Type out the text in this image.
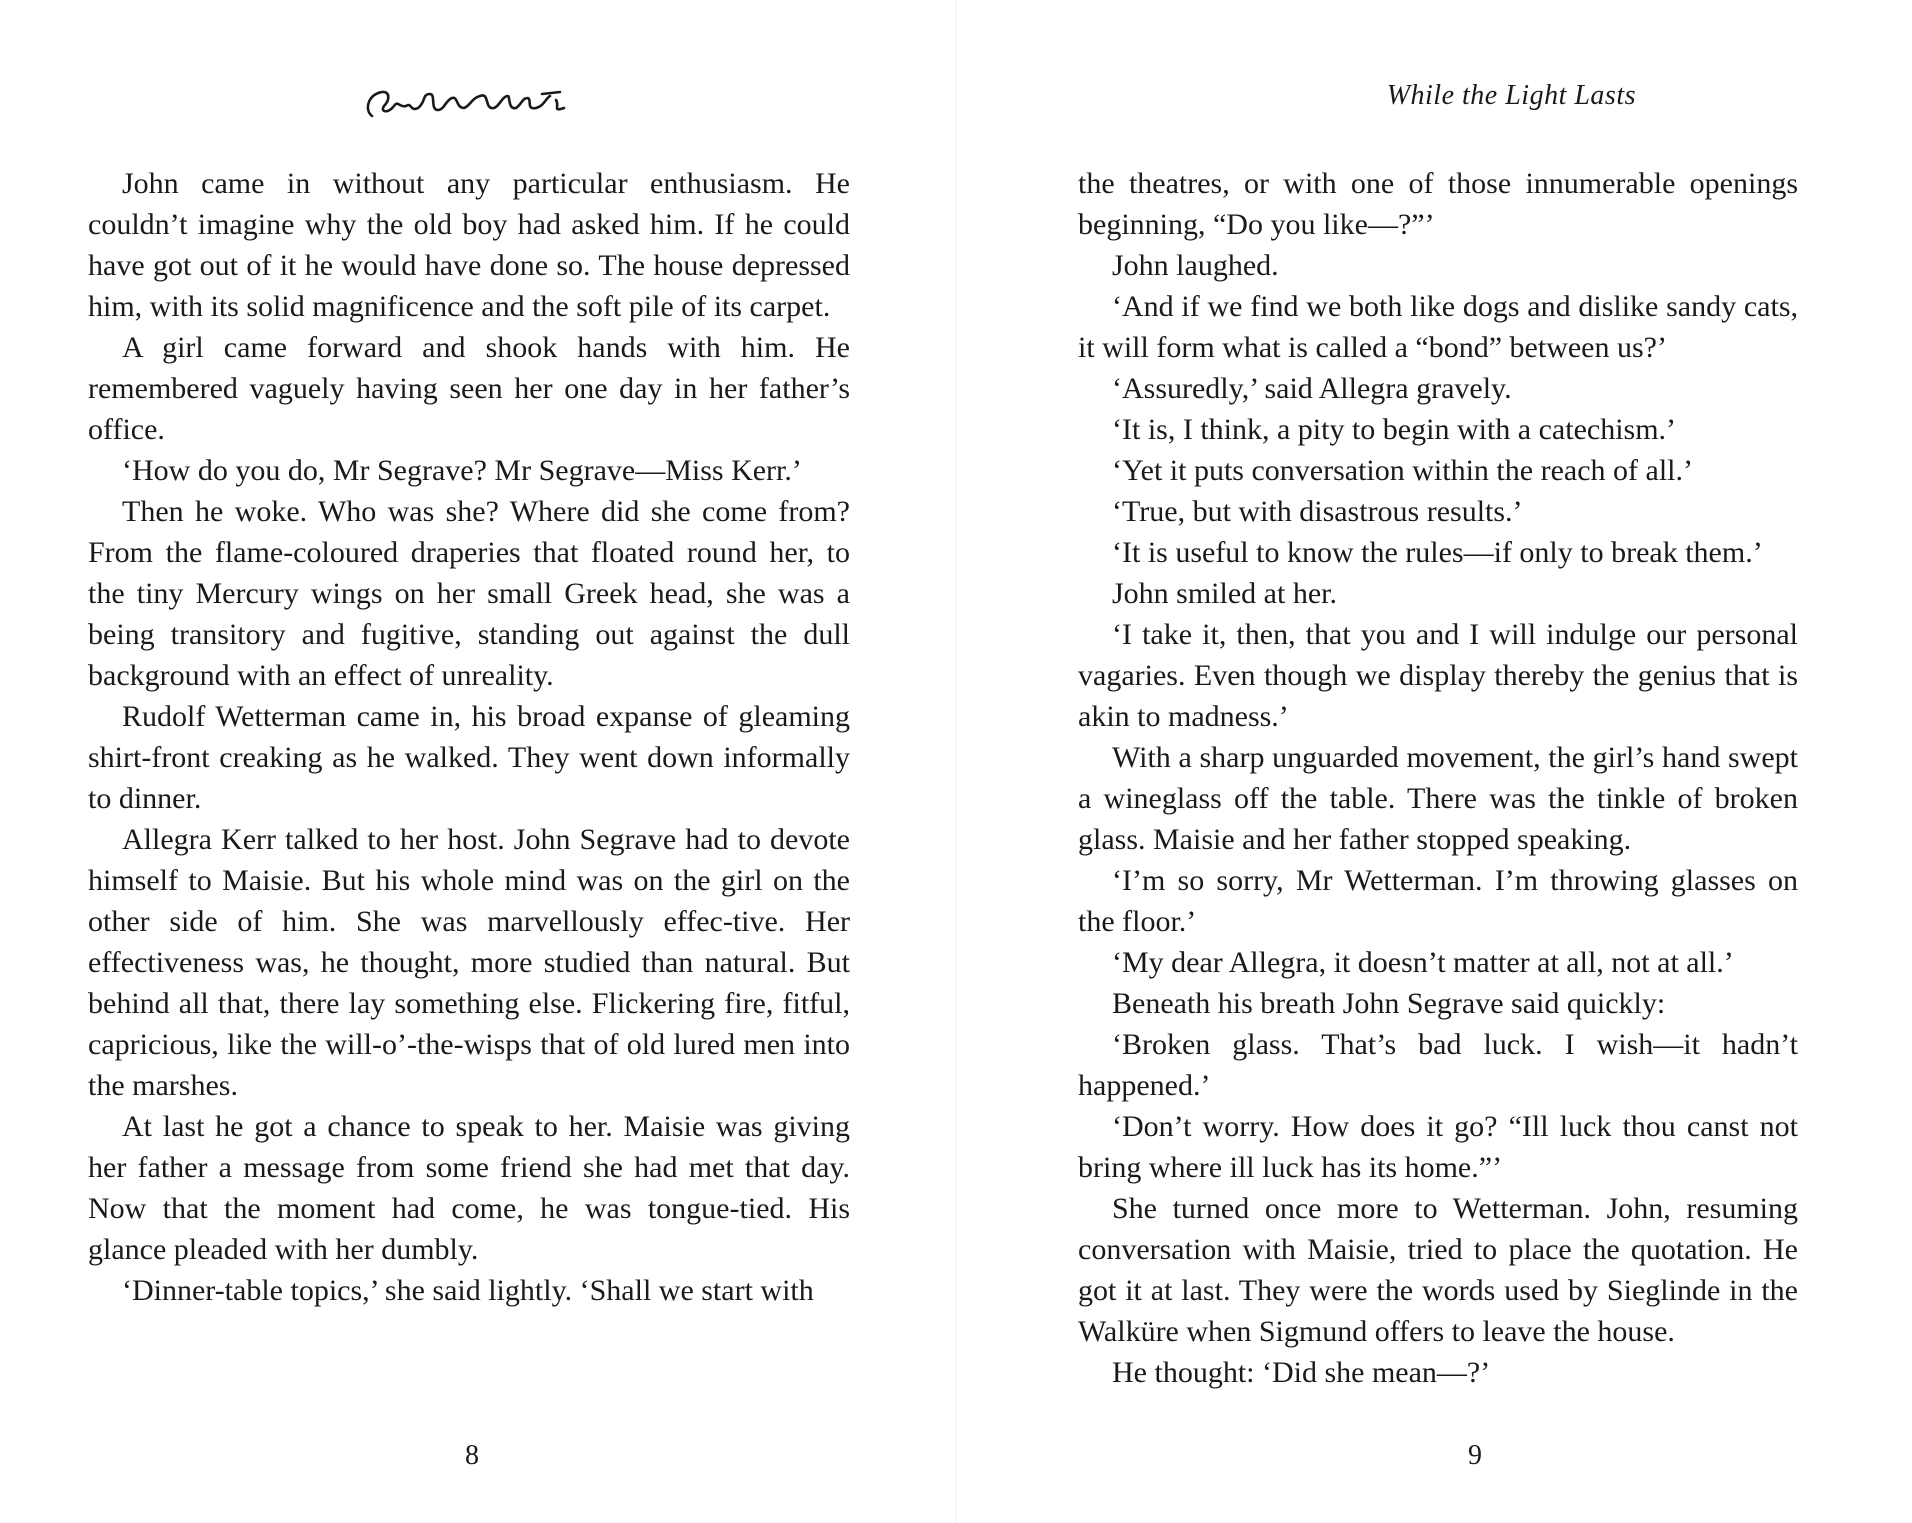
John came in without any particular enthusiasm. He couldn’t imagine why the old boy had asked him. If he could have got out of it he would have done so. The house depressed him, with its solid magnificence and the soft pile of its carpet.

A girl came forward and shook hands with him. He remembered vaguely having seen her one day in her father’s office.

‘How do you do, Mr Segrave? Mr Segrave—Miss Kerr.’

Then he woke. Who was she? Where did she come from? From the flame-coloured draperies that floated round her, to the tiny Mercury wings on her small Greek head, she was a being transitory and fugitive, standing out against the dull background with an effect of unreality.

Rudolf Wetterman came in, his broad expanse of gleaming shirt-front creaking as he walked. They went down informally to dinner.

Allegra Kerr talked to her host. John Segrave had to devote himself to Maisie. But his whole mind was on the girl on the other side of him. She was marvellously effec-tive. Her effectiveness was, he thought, more studied than natural. But behind all that, there lay something else. Flickering fire, fitful, capricious, like the will-o’-the-wisps that of old lured men into the marshes.

At last he got a chance to speak to her. Maisie was giving her father a message from some friend she had met that day. Now that the moment had come, he was tongue-tied. His glance pleaded with her dumbly.

‘Dinner-table topics,’ she said lightly. ‘Shall we start with

8

While the Light Lasts

the theatres, or with one of those innumerable openings beginning, “Do you like—?”’

John laughed.

‘And if we find we both like dogs and dislike sandy cats, it will form what is called a “bond” between us?’

‘Assuredly,’ said Allegra gravely.

‘It is, I think, a pity to begin with a catechism.’

‘Yet it puts conversation within the reach of all.’

‘True, but with disastrous results.’

‘It is useful to know the rules—if only to break them.’

John smiled at her.

‘I take it, then, that you and I will indulge our personal vagaries. Even though we display thereby the genius that is akin to madness.’

With a sharp unguarded movement, the girl’s hand swept a wineglass off the table. There was the tinkle of broken glass. Maisie and her father stopped speaking.

‘I’m so sorry, Mr Wetterman. I’m throwing glasses on the floor.’

‘My dear Allegra, it doesn’t matter at all, not at all.’

Beneath his breath John Segrave said quickly:

‘Broken glass. That’s bad luck. I wish—it hadn’t happened.’

‘Don’t worry. How does it go? “Ill luck thou canst not bring where ill luck has its home.”’

She turned once more to Wetterman. John, resuming conversation with Maisie, tried to place the quotation. He got it at last. They were the words used by Sieglinde in the Walküre when Sigmund offers to leave the house.

He thought: ‘Did she mean—?’

9
